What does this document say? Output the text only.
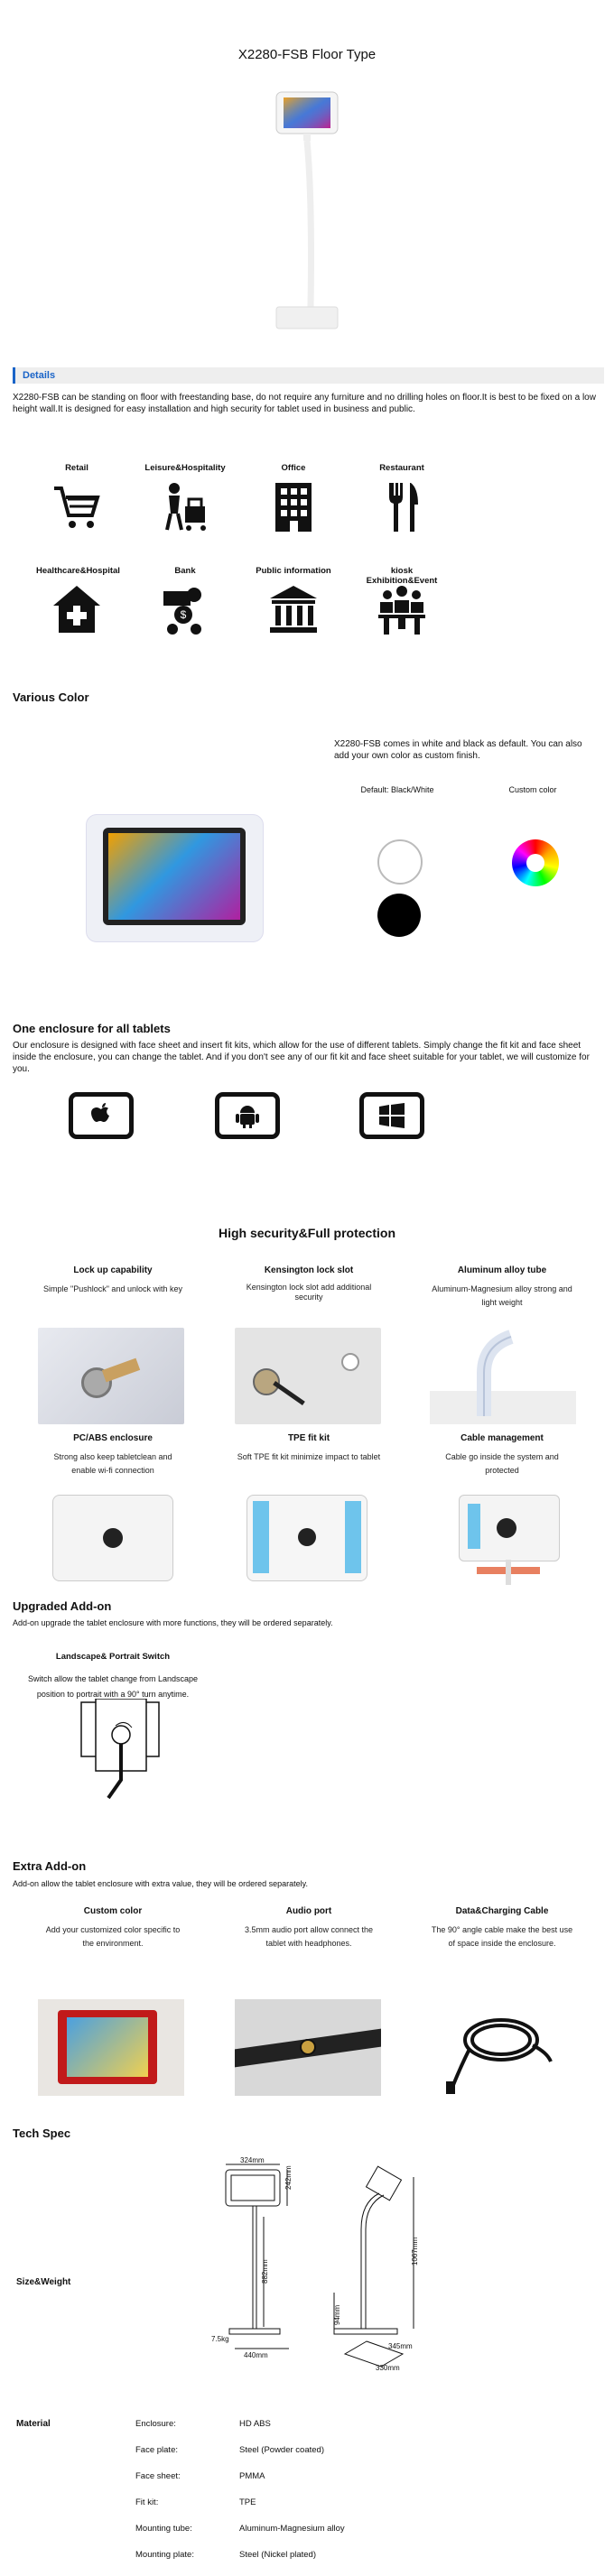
X2280-FSB Floor Type
Details
X2280-FSB can be standing on floor with freestanding base, do not require any furniture and no drilling holes on floor.It is best to be fixed on a low height wall.It is designed for easy installation and high security for tablet used in business and public.
Retail	Leisure&Hospitality	Office	Restaurant
Healthcare&Hospital	Bank
$
Public information	kiosk Exhibition&Event
Various Color
X2280-FSB comes in white and black as default. You can also add your own color as custom finish.
Default: Black/White	Custom color
One enclosure for all tablets
Our enclosure is designed with face sheet and insert fit kits, which allow for the use of different tablets. Simply change the fit kit and face sheet inside the enclosure, you can change the tablet. And if you don't see any of our fit kit and face sheet suitable for your tablet, we will customize for you.
High security&Full protection
Lock up capability
Simple "Pushlock" and unlock with key
Kensington lock slot
Kensington lock slot add additional security
Aluminum alloy tube
Aluminum-Magnesium alloy strong and light weight
PC/ABS enclosure
Strong also keep tabletclean and enable wi-fi connection
TPE fit kit
Soft TPE fit kit minimize impact to tablet
Cable management
Cable go inside the system and protected
Upgraded Add-on
Add-on upgrade the tablet enclosure with more functions, they will be ordered separately.
Landscape& Portrait Switch
Switch allow the tablet change from Landscape position to portrait with a 90° turn anytime.
Extra Add-on
Add-on allow the tablet enclosure with extra value, they will be ordered separately.
Custom color
Add your customized color specific to the environment.
Audio port
3.5mm audio port allow connect the tablet with headphones.
Data&Charging Cable
The 90° angle cable make the best use of space inside the enclosure.
Tech Spec
Size&Weight
324mm
242mm
882mm
1067mm
94mm
440mm
7.5kg
345mm
330mm
Material	Enclosure:	HD ABS
Face plate:	Steel (Powder coated)
Face sheet:	PMMA
Fit kit:	TPE
Mounting tube:	Aluminum-Magnesium alloy
Mounting plate:	Steel (Nickel plated)
